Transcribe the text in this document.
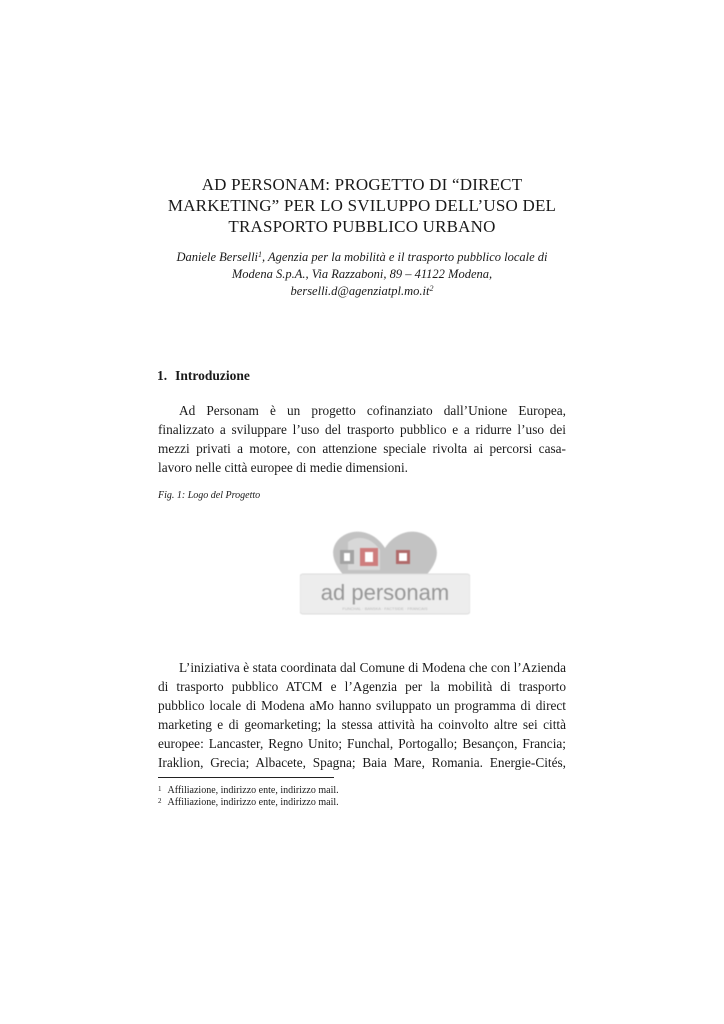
AD PERSONAM: PROGETTO DI “DIRECT
MARKETING” PER LO SVILUPPO DELL’USO DEL
TRASPORTO PUBBLICO URBANO
Daniele Berselli$^1$, Agenzia per la mobilità e il trasporto pubblico locale di
Modena S.p.A., Via Razzaboni, 89 – 41122 Modena,
$berselli.d@agenziatpl.mo.it^2$
1. Introduzione
Ad Personam è un progetto cofinanziato dall’Unione Europea,
finalizzato a sviluppare l’uso del trasporto pubblico e a ridurre l’uso dei
mezzi privati a motore, con attenzione speciale rivolta ai percorsi casa-
lavoro nelle città europee di medie dimensioni.
Fig. 1: Logo del Progetto
ad personam
FUNCHAL · BANSKA · FACTSIDE · FRANCAIS
L’iniziativa è stata coordinata dal Comune di Modena che con l’Azienda
di trasporto pubblico ATCM e l’Agenzia per la mobilità di trasporto
pubblico locale di Modena aMo hanno sviluppato un programma di direct
marketing e di geomarketing; la stessa attività ha coinvolto altre sei città
europee: Lancaster, Regno Unito; Funchal, Portogallo; Besançon, Francia;
Iraklion, Grecia; Albacete, Spagna; Baia Mare, Romania. Energie-Cités,
$^1$ Affiliazione, indirizzo ente, indirizzo mail.
$^2$ Affiliazione, indirizzo ente, indirizzo mail.
